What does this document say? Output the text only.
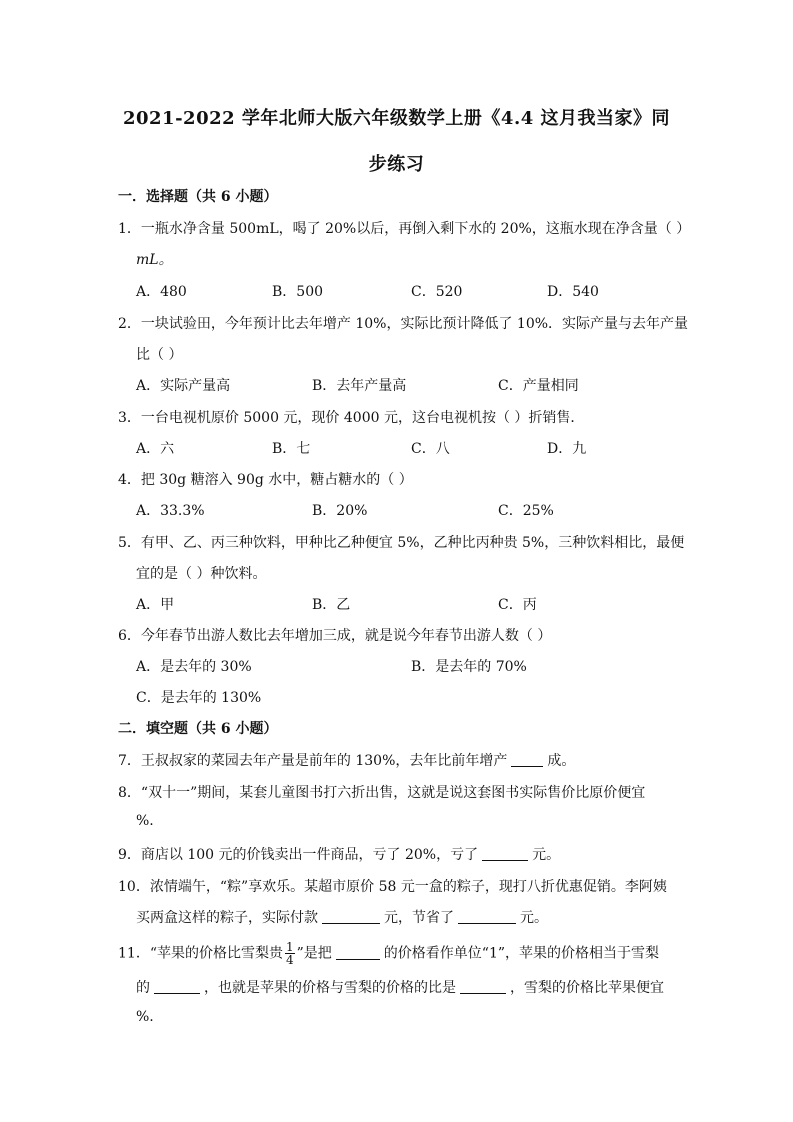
2021-2022 学年北师大版六年级数学上册《4.4 这月我当家》同
步练习
一．选择题（共 6 小题）
1．一瓶水净含量 500mL，喝了 20%以后，再倒入剩下水的 20%，这瓶水现在净含量（ ）
mL。
A．480	B．500	C．520	D．540
2．一块试验田，今年预计比去年增产 10%，实际比预计降低了 10%．实际产量与去年产量
比（ ）
A．实际产量高	B．去年产量高	C．产量相同
3．一台电视机原价 5000 元，现价 4000 元，这台电视机按（ ）折销售．
A．六	B．七	C．八	D．九
4．把 30g 糖溶入 90g 水中，糖占糖水的（ ）
A．33.3%	B．20%	C．25%
5．有甲、乙、丙三种饮料，甲种比乙种便宜 5%，乙种比丙种贵 5%，三种饮料相比，最便
宜的是（ ）种饮料。
A．甲	B．乙	C．丙
6．今年春节出游人数比去年增加三成，就是说今年春节出游人数（ ）
A．是去年的 30%	B．是去年的 70%
C．是去年的 130%
二．填空题（共 6 小题）
7．王叔叔家的菜园去年产量是前年的 130%，去年比前年增产	成。
8．“双十一”期间，某套儿童图书打六折出售，这就是说这套图书实际售价比原价便宜
%.
9．商店以 100 元的价钱卖出一件商品，亏了 20%，亏了	元。
10．浓情端午，“粽”享欢乐。某超市原价 58 元一盒的粽子，现打八折优惠促销。李阿姨
买两盒这样的粽子，实际付款	元，节省了	元。
11．“苹果的价格比雪梨贵 $\frac{1}{4}$ ”是把	的价格看作单位“1”，苹果的价格相当于雪梨
的	，也就是苹果的价格与雪梨的价格的比是	，雪梨的价格比苹果便宜
%.
